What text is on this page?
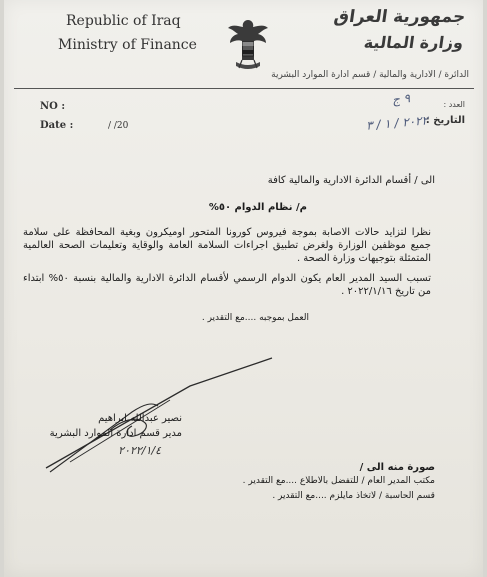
Republic of Iraq
Ministry of Finance
جمهورية العراق
وزارة المالية
الدائرة / الادارية والمالية / قسم ادارة الموارد البشرية
NO :
Date :	/ /20
العدد :
التاريخ :
٩ ج
٢٠٢٢ / ١ / ٣
الى / أقسام الدائرة الادارية والمالية كافة
م/ نظام الدوام ٥٠%
نظرا لتزايد حالات الاصابة بموجة فيروس كورونا المتحور اوميكرون وبغية المحافظة على سلامة جميع موظفين الوزارة ولغرض تطبيق اجراءات السلامة العامة والوقاية وتعليمات الصحة العالمية المتمثلة بتوجيهات وزارة الصحة .
تسبب السيد المدير العام يكون الدوام الرسمي لأقسام الدائرة الادارية والمالية بنسبة ٥٠% ابتداء من تاريخ ٢٠٢٢/١/١٦ .
العمل بموجبه ....مع التقدير .
نصير عبدالله ابراهيم
مدير قسم ادارة الموارد البشرية
٢٠٢٢/١/٤
صورة منه الى /
مكتب المدير العام / للتفضل بالاطلاع ....مع التقدير .
قسم الحاسبة / لاتخاذ مايلزم ....مع التقدير .
